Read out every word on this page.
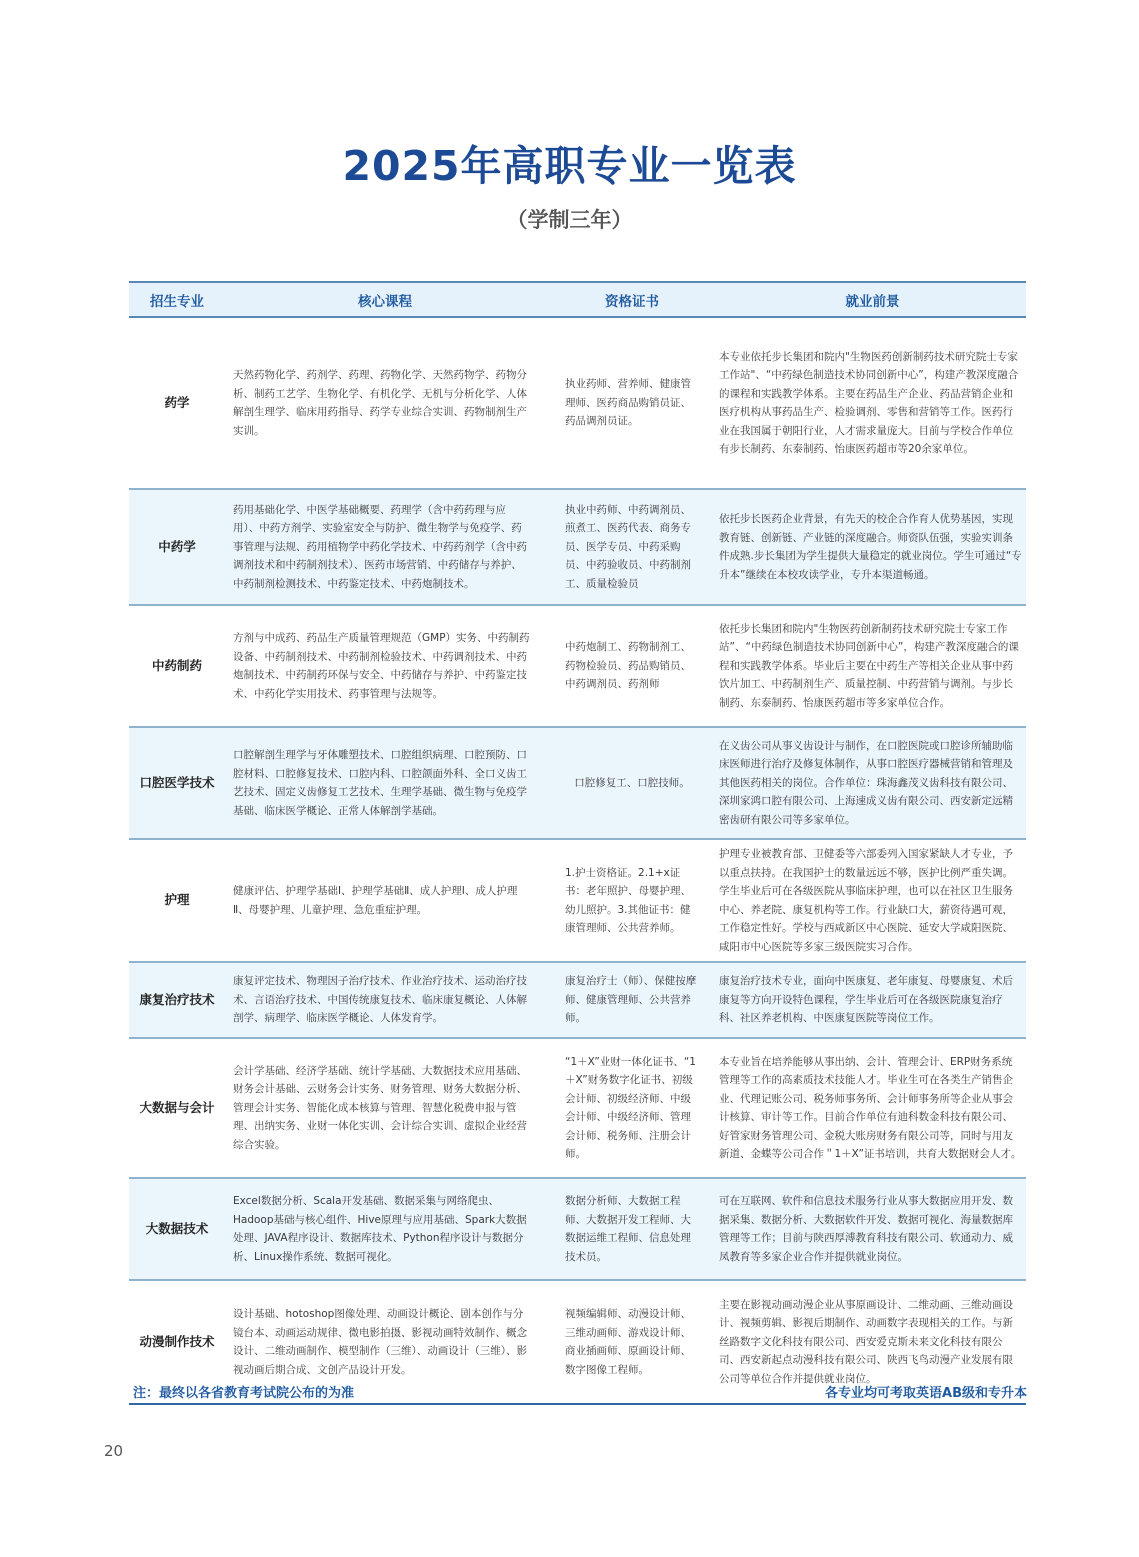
2025年高职专业一览表
（学制三年）
招生专业	核心课程	资格证书	就业前景
药学	天然药物化学、药剂学、药理、药物化学、天然药物学、药物分析、制药工艺学、生物化学、有机化学、无机与分析化学、人体解剖生理学、临床用药指导、药学专业综合实训、药物制剂生产实训。	执业药师、营养师、健康管理师、医药商品购销员证、药品调剂员证。	本专业依托步长集团和院内"生物医药创新制药技术研究院士专家工作站"、“中药绿色制造技术协同创新中心”，构建产教深度融合的课程和实践教学体系。主要在药品生产企业、药品营销企业和医疗机构从事药品生产、检验调剂、零售和营销等工作。医药行业在我国属于朝阳行业，人才需求量庞大。目前与学校合作单位有步长制药、东泰制药、怡康医药超市等20余家单位。
中药学	药用基础化学、中医学基础概要、药理学（含中药药理与应用）、中药方剂学、实验室安全与防护、微生物学与免疫学、药事管理与法规、药用植物学中药化学技术、中药药剂学（含中药调剂技术和中药制剂技术）、医药市场营销、中药储存与养护、中药制剂检测技术、中药鉴定技术、中药炮制技术。	执业中药师、中药调剂员、煎煮工、医药代表、商务专员、医学专员、中药采购员、中药验收员、中药制剂工、质量检验员	依托步长医药企业背景，有先天的校企合作育人优势基因，实现教育链、创新链、产业链的深度融合。师资队伍强，实验实训条件成熟.步长集团为学生提供大量稳定的就业岗位。学生可通过“专升本”继续在本校攻读学业，专升本渠道畅通。
中药制药	方剂与中成药、药品生产质量管理规范（GMP）实务、中药制药设备、中药制剂技术、中药制剂检验技术、中药调剂技术、中药炮制技术、中药制药环保与安全、中药储存与养护、中药鉴定技术、中药化学实用技术、药事管理与法规等。	中药炮制工、药物制剂工、药物检验员、药品购销员、中药调剂员、药剂师	依托步长集团和院内"生物医药创新制药技术研究院士专家工作站”、“中药绿色制造技术协同创新中心”，构建产教深度融合的课程和实践教学体系。毕业后主要在中药生产等相关企业从事中药饮片加工、中药制剂生产、质量控制、中药营销与调剂。与步长制药、东泰制药、怡康医药超市等多家单位合作。
口腔医学技术	口腔解剖生理学与牙体雕塑技术、口腔组织病理、口腔预防、口腔材料、口腔修复技术、口腔内科、口腔颌面外科、全口义齿工艺技术、固定义齿修复工艺技术、生理学基础、微生物与免疫学基础、临床医学概论、正常人体解剖学基础。	口腔修复工、口腔技师。	在义齿公司从事义齿设计与制作，在口腔医院或口腔诊所辅助临床医师进行治疗及修复体制作，从事口腔医疗器械营销和管理及其他医药相关的岗位。合作单位：珠海鑫茂义齿科技有限公司、深圳家鸿口腔有限公司、上海速成义齿有限公司、西安新定远精密齿研有限公司等多家单位。
护理	健康评估、护理学基础Ⅰ、护理学基础Ⅱ、成人护理Ⅰ、成人护理Ⅱ、母婴护理、儿童护理、急危重症护理。	1.护士资格证。2.1+x证书：老年照护、母婴护理、幼儿照护。3.其他证书：健康管理师、公共营养师。	护理专业被教育部、卫健委等六部委列入国家紧缺人才专业，予以重点扶持。在我国护士的数量远远不够，医护比例严重失调。学生毕业后可在各级医院从事临床护理，也可以在社区卫生服务中心、养老院、康复机构等工作。行业缺口大，薪资待遇可观，工作稳定性好。学校与西咸新区中心医院、延安大学咸阳医院、咸阳市中心医院等多家三级医院实习合作。
康复治疗技术	康复评定技术、物理因子治疗技术、作业治疗技术、运动治疗技术、言语治疗技术、中国传统康复技术、临床康复概论、人体解剖学、病理学、临床医学概论、人体发育学。	康复治疗士（师）、保健按摩师、健康管理师、公共营养师。	康复治疗技术专业，面向中医康复、老年康复、母婴康复、术后康复等方向开设特色课程，学生毕业后可在各级医院康复治疗科、社区养老机构、中医康复医院等岗位工作。
大数据与会计	会计学基础、经济学基础、统计学基础、大数据技术应用基础、财务会计基础、云财务会计实务、财务管理、财务大数据分析、管理会计实务、智能化成本核算与管理、智慧化税费申报与管理、出纳实务、业财一体化实训、会计综合实训、虚拟企业经营综合实验。	“1＋X”业财一体化证书、“1＋X”财务数字化证书、初级会计师、初级经济师、中级会计师、中级经济师、管理会计师、税务师、注册会计师。	本专业旨在培养能够从事出纳、会计、管理会计、ERP财务系统管理等工作的高素质技术技能人才。毕业生可在各类生产销售企业、代理记账公司、税务师事务所、会计师事务所等企业从事会计核算、审计等工作。目前合作单位有迪科数金科技有限公司、好管家财务管理公司、金税大账房财务有限公司等，同时与用友新道、金蝶等公司合作＂1＋X”证书培训，共育大数据财会人才。
大数据技术	Excel数据分析、Scala开发基础、数据采集与网络爬虫、Hadoop基础与核心组件、Hive原理与应用基础、Spark大数据处理、JAVA程序设计、数据库技术、Python程序设计与数据分析、Linux操作系统、数据可视化。	数据分析师、大数据工程师、大数据开发工程师、大数据运维工程师、信息处理技术员。	可在互联网、软件和信息技术服务行业从事大数据应用开发、数据采集、数据分析、大数据软件开发、数据可视化、海量数据库管理等工作；目前与陕西厚溥教育科技有限公司、软通动力、威凤教育等多家企业合作并提供就业岗位。
动漫制作技术	设计基础、hotoshop图像处理、动画设计概论、剧本创作与分镜台本、动画运动规律、微电影拍摄、影视动画特效制作、概念设计、二维动画制作、模型制作（三维）、动画设计（三维）、影视动画后期合成、文创产品设计开发。	视频编辑师、动漫设计师、三维动画师、游戏设计师、商业插画师、原画设计师、数字图像工程师。	主要在影视动画动漫企业从事原画设计、二维动画、三维动画设计、视频剪辑、影视后期制作、动画数字表现相关的工作。与新丝路数字文化科技有限公司、西安爱克斯未来文化科技有限公司、西安新起点动漫科技有限公司、陕西飞鸟动漫产业发展有限公司等单位合作并提供就业岗位。
注：最终以各省教育考试院公布的为准	各专业均可考取英语AB级和专升本
20
